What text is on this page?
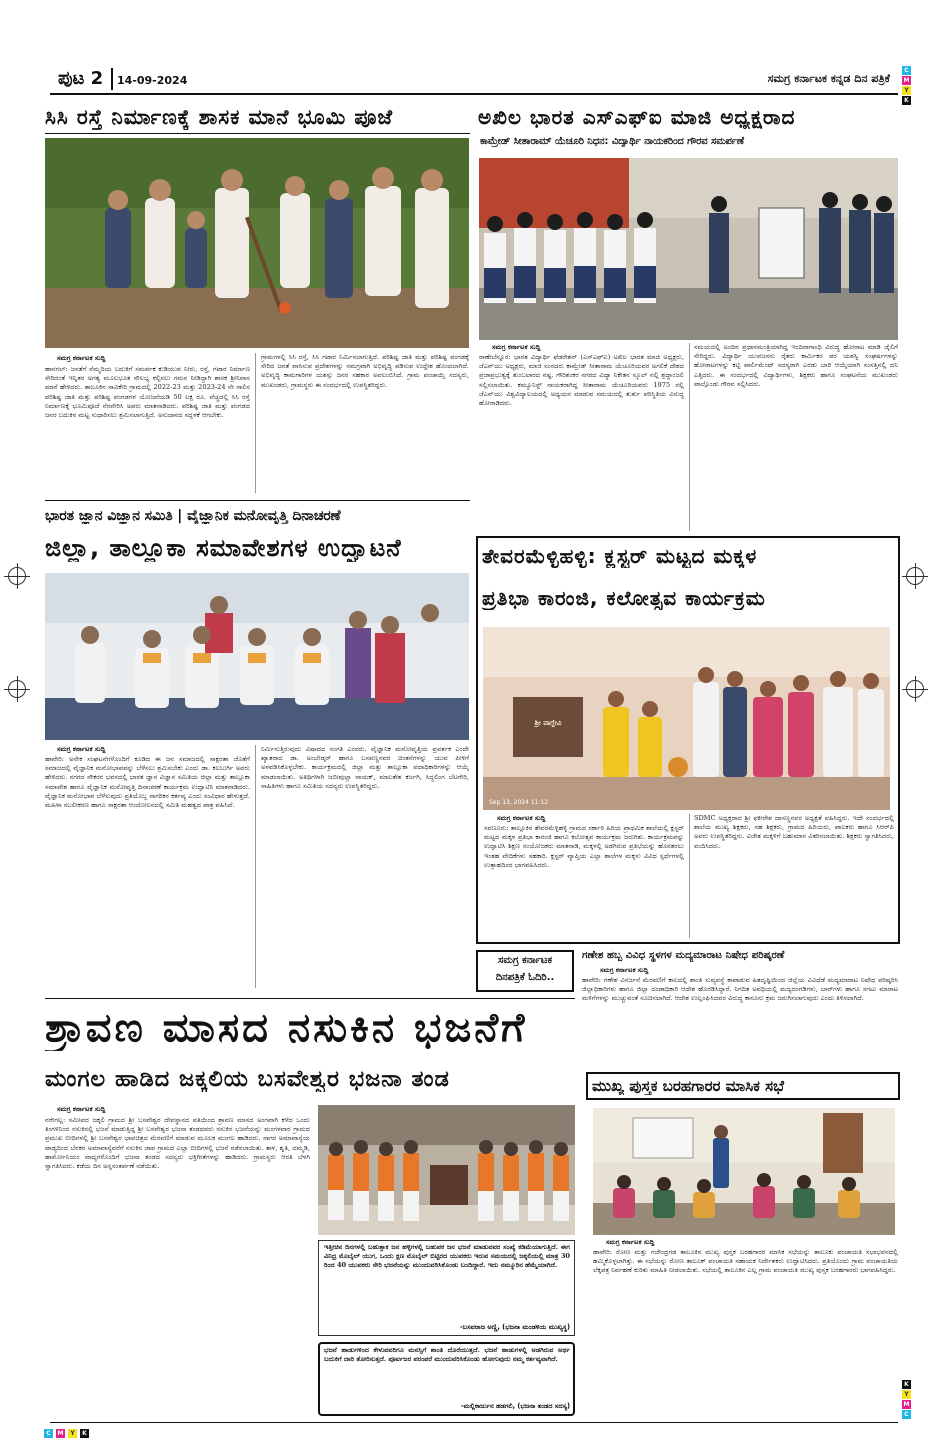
ಪುಟ 2 14-09-2024	ಸಮಗ್ರ ಕರ್ನಾಟಕ ಕನ್ನಡ ದಿನ ಪತ್ರಿಕೆ
C
M
Y
K
K
Y
M
C
C	M	Y	K
ಸಿಸಿ ರಸ್ತೆ ನಿರ್ಮಾಣಕ್ಕೆ ಶಾಸಕ ಮಾನೆ ಭೂಮಿ ಪೂಜೆ
ಸಮಗ್ರ ಕರ್ನಾಟಕ ಸುದ್ದಿ
ಹಾನಗಲ್: ಜನತೆಗೆ ನೆಮ್ಮದಿಯ ಬದುಕಿಗೆ ಸಮರ್ಪಕ ಕುಡಿಯುವ ನೀರು, ರಸ್ತೆ, ಗಟಾರ ನಿರ್ಮಾಣ ಸೇರಿದಂತೆ ಇನ್ನಿತರ ಅಗತ್ಯ ಮೂಲಭೂತ ಸೌಲಭ್ಯ ಕಲ್ಪಿಸಲು ಗಮನ ನೀಡಿದ್ದಾಗಿ ಶಾಸಕ ಶ್ರೀನಿವಾಸ ಮಾನೆ ಹೇಳಿದರು. ತಾಲೂಕಿನ ಸಾವಿಕೇರಿ ಗ್ರಾಮದಲ್ಲಿ 2022-23 ಮತ್ತು 2023-24 ನೇ ಸಾಲಿನ ಪರಿಶಿಷ್ಟ ಜಾತಿ ಮತ್ತು ಪರಿಶಿಷ್ಟ ಪಂಗಡಗಳ ಯೋಜನೆಯಡಿ 50 ಲಕ್ಷ ರೂ. ವೆಚ್ಚದಲ್ಲಿ ಸಿಸಿ ರಸ್ತೆ ನಿರ್ಮಾಣಕ್ಕೆ ಭೂಮಿಪೂಜೆ ನೆರವೇರಿಸಿ ಅವರು ಮಾತನಾಡಿದರು. ಪರಿಶಿಷ್ಟ ಜಾತಿ ಮತ್ತು ಪಂಗಡದ ಜನರ ಬದುಕಿನ ಮಟ್ಟ ಸುಧಾರಿಸಲು ಶ್ರಮಿಸಲಾಗುತ್ತಿದೆ. ಅನುದಾನದ ಸದ್ಬಳಕೆ ಆಗಬೇಕು.
ಗ್ರಾಮಗಳಲ್ಲಿ ಸಿಸಿ ರಸ್ತೆ, ಸಿಸಿ ಗಟಾರ ನಿರ್ಮಿಸಲಾಗುತ್ತಿದೆ. ಪರಿಶಿಷ್ಟ ಜಾತಿ ಮತ್ತು ಪರಿಶಿಷ್ಟ ಪಂಗಡಕ್ಕೆ ಸೇರಿದ ಜನತೆ ವಾಸಿಸುವ ಪ್ರದೇಶಗಳನ್ನು ಸಮಗ್ರವಾಗಿ ಅಭಿವೃದ್ಧಿ ಪಡಿಸುವ ಉದ್ದೇಶ ಹೊಂದಲಾಗಿದೆ. ಅಭಿವೃದ್ಧಿ ಕಾಮಗಾರಿಗಳ ಯಶಸ್ಸು ಜನರ ಸಹಕಾರ ಅವಲಂಬಿಸಿದೆ. ಗ್ರಾಮ ಪಂಚಾಯ್ತಿ ಸದಸ್ಯರು, ಮುಖಂಡರು, ಗ್ರಾಮಸ್ಥರು ಈ ಸಂದರ್ಭದಲ್ಲಿ ಉಪಸ್ಥಿತರಿದ್ದರು.
ಅಖಿಲ ಭಾರತ ಎಸ್‌ಎಫ್‌ಐ ಮಾಜಿ ಅಧ್ಯಕ್ಷರಾದ
ಕಾಮ್ರೇಡ್ ಸೀತಾರಾಮ್ ಯೆಚೂರಿ ನಿಧನ: ವಿದ್ಯಾರ್ಥಿ ನಾಯಕರಿಂದ ಗೌರವ ಸಮರ್ಪಣೆ
ಸಮಗ್ರ ಕರ್ನಾಟಕ ಸುದ್ದಿ
ರಾಣೇಬೆನ್ನೂರ: ಭಾರತ ವಿದ್ಯಾರ್ಥಿ ಫೆಡರೇಶನ್ (ಎಸ್‌ಎಫ್‌ಐ) ಅಖಿಲ ಭಾರತ ಮಾಜಿ ಅಧ್ಯಕ್ಷರು, ಜೆಎನ್‌ಯು ಅಧ್ಯಕ್ಷರು, ಮಾಜಿ ಸಂಸದರು ಕಾಮ್ರೇಡ್ ಸೀತಾರಾಮ ಯೆಚೂರಿಯವರ ಅಗಲಿಕೆ ದೇಶದ ಪ್ರಜಾಪ್ರಭುತ್ವಕ್ಕೆ ತುಂಬಲಾರದ ನಷ್ಟ. ಗೌರಿಶಂಕರ ನಗರದ ವಿದ್ಯಾ ನಿಕೇತನ ಸ್ಕೂಲ್ ನಲ್ಲಿ ಶ್ರದ್ಧಾಂಜಲಿ ಸಲ್ಲಿಸಲಾಯಿತು. ಕಮ್ಯೂನಿಸ್ಟ್ ನಾಯಕರಾಗಿದ್ದ ಸೀತಾರಾಮ ಯೆಚೂರಿಯವರು 1975 ರಲ್ಲಿ ಜೆಎನ್‌ಯು ವಿಶ್ವವಿದ್ಯಾಲಯದಲ್ಲಿ ಅಧ್ಯಯನ ಮಾಡುವ ಸಮಯದಲ್ಲಿ ತುರ್ತು ಪರಿಸ್ಥಿತಿಯ ವಿರುದ್ಧ ಹೋರಾಡಿದರು.
ಸಮಯದಲ್ಲಿ ಅಂದಿನ ಪ್ರಧಾನಮಂತ್ರಿಯಾಗಿದ್ದ ಇಂದಿರಾಗಾಂಧಿ ವಿರುದ್ಧ ಹೋರಾಟ ಮಾಡಿ ಜೈಲಿಗೆ ಸೇರಿದ್ದರು. ವಿದ್ಯಾರ್ಥಿ ಯುವಜನರು ರೈತರು ಕಾರ್ಮಿಕರ ಪರ ಯಶಸ್ವಿ ಸಂಘರ್ಷಗಳನ್ನು ಹೋರಾಟಗಳನ್ನು ಕಟ್ಟಿ ಪಾರ್ಲಿಮೆಂಟ್ ಸದಸ್ಯರಾಗಿ ಎರಡು ಬಾರಿ ಆಯ್ಕೆಯಾಗಿ ಸಂಸತ್ತಿನಲ್ಲಿ ದನಿ ಎತ್ತಿದರು. ಈ ಸಂದರ್ಭದಲ್ಲಿ ವಿದ್ಯಾರ್ಥಿಗಳು, ಶಿಕ್ಷಕರು ಹಾಗೂ ಸಂಘಟನೆಯ ಮುಖಂಡರು ಪಾಲ್ಗೊಂಡು ಗೌರವ ಸಲ್ಲಿಸಿದರು.
ಭಾರತ ಜ್ಞಾನ ವಿಜ್ಞಾನ ಸಮಿತಿ | ವೈಜ್ಞಾನಿಕ ಮನೋವೃತ್ತಿ ದಿನಾಚರಣೆ
ಜಿಲ್ಲಾ, ತಾಲ್ಲೂಕಾ ಸಮಾವೇಶಗಳ ಉದ್ಘಾಟನೆ
ಸಮಗ್ರ ಕರ್ನಾಟಕ ಸುದ್ದಿ
ಹಾವೇರಿ: ಅನೇಕ ಸಂಘಟನೆಗಳೊಂದಿಗೆ ಕೂಡಿದ ಈ ಜನ ಸಮಾಜದಲ್ಲಿ ಸಾಕ್ಷರತಾ ಜೊತೆಗೆ ಸಮಾಜದಲ್ಲಿ ವೈಜ್ಞಾನಿಕ ಮನೋಭಾವವನ್ನು ಬೆಳೆಸಲು ಶ್ರಮಿಸಬೇಕು ಎಂದು ಡಾ. ಕಲಬುರ್ಗಿ ಅವರು ಹೇಳಿದರು. ನಗರದ ನೌಕರರ ಭವನದಲ್ಲಿ ಭಾರತ ಜ್ಞಾನ ವಿಜ್ಞಾನ ಸಮಿತಿಯ ಜಿಲ್ಲಾ ಮತ್ತು ತಾಲ್ಲೂಕಾ ಸಮಾವೇಶ ಹಾಗೂ ವೈಜ್ಞಾನಿಕ ಮನೋವೃತ್ತಿ ದಿನಾಚರಣೆ ಕಾರ್ಯಕ್ರಮ ಉದ್ಘಾಟಿಸಿ ಮಾತನಾಡಿದರು. ವೈಜ್ಞಾನಿಕ ಮನೋಭಾವ ಬೆಳೆಸುವುದು ಪ್ರತಿಯೊಬ್ಬ ನಾಗರಿಕನ ಕರ್ತವ್ಯ ಎಂದು ಸಂವಿಧಾನ ಹೇಳುತ್ತದೆ. ಮಹಿಳಾ ಸಬಲೀಕರಣ ಹಾಗೂ ಸಾಕ್ಷರತಾ ಆಂದೋಲನದಲ್ಲಿ ಸಮಿತಿ ಮಹತ್ವದ ಪಾತ್ರ ವಹಿಸಿದೆ.
ನಿರ್ಮಿಸುತ್ತಿರುವುದು ವಿಷಾದದ ಸಂಗತಿ ಎಂದರು. ವೈಜ್ಞಾನಿಕ ಮನೋವೃತ್ತಿಯ ಪ್ರವರ್ತಕ ಎಂದೇ ಖ್ಯಾತರಾದ ಡಾ. ಅಂಬೇಡ್ಕರ್ ಹಾಗೂ ಬಸವಣ್ಣನವರ ಚಿಂತನೆಗಳನ್ನು ಯುವ ಪೀಳಿಗೆ ಅಳವಡಿಸಿಕೊಳ್ಳಬೇಕು. ಕಾರ್ಯಕ್ರಮದಲ್ಲಿ ಜಿಲ್ಲಾ ಮತ್ತು ತಾಲ್ಲೂಕಾ ಪದಾಧಿಕಾರಿಗಳನ್ನು ಆಯ್ಕೆ ಮಾಡಲಾಯಿತು. ಅತಿಥಿಗಳಾಗಿ ಜಬೀವುಲ್ಲಾ ನಾಯಕ್, ಮಾಲತೇಶ ಕರ್ಜಗಿ, ಸಿದ್ಧಲಿಂಗ ಬೆಟಗೇರಿ, ಸಾಹಿತಿಗಳು ಹಾಗೂ ಸಮಿತಿಯ ಸದಸ್ಯರು ಉಪಸ್ಥಿತರಿದ್ದರು.
ತೇವರಮೆಳ್ಳಿಹಳ್ಳಿ: ಕ್ಲಸ್ಟರ್ ಮಟ್ಟದ ಮಕ್ಕಳ
ಪ್ರತಿಭಾ ಕಾರಂಜಿ, ಕಲೋತ್ಸವ ಕಾರ್ಯಕ್ರಮ
ಶ್ರೀ ವಾಗ್ದೇವಿ
Sep 13, 2024 11:12
ಸಮಗ್ರ ಕರ್ನಾಟಕ ಸುದ್ದಿ
ಸವಣೂರು: ತಾಲ್ಲೂಕಿನ ತೇವರಮೆಳ್ಳಿಹಳ್ಳಿ ಗ್ರಾಮದ ಸರ್ಕಾರಿ ಹಿರಿಯ ಪ್ರಾಥಮಿಕ ಶಾಲೆಯಲ್ಲಿ ಕ್ಲಸ್ಟರ್ ಮಟ್ಟದ ಮಕ್ಕಳ ಪ್ರತಿಭಾ ಕಾರಂಜಿ ಹಾಗೂ ಕಲೋತ್ಸವ ಕಾರ್ಯಕ್ರಮ ಜರುಗಿತು. ಕಾರ್ಯಕ್ರಮವನ್ನು ಉದ್ಘಾಟಿಸಿ ಶಿಕ್ಷಣ ಸಂಯೋಜಕರು ಮಾತನಾಡಿ, ಮಕ್ಕಳಲ್ಲಿ ಅಡಗಿರುವ ಪ್ರತಿಭೆಯನ್ನು ಹೊರತರಲು ಇಂತಹ ವೇದಿಕೆಗಳು ಸಹಕಾರಿ. ಕ್ಲಸ್ಟರ್ ವ್ಯಾಪ್ತಿಯ ಎಲ್ಲಾ ಶಾಲೆಗಳ ಮಕ್ಕಳು ವಿವಿಧ ಸ್ಪರ್ಧೆಗಳಲ್ಲಿ ಉತ್ಸಾಹದಿಂದ ಭಾಗವಹಿಸಿದರು.
SDMC ಅಧ್ಯಕ್ಷರಾದ ಶ್ರೀ ಫಕೀರೇಶ ದಾಸಣ್ಣನವರ ಅಧ್ಯಕ್ಷತೆ ವಹಿಸಿದ್ದರು. ಇದೇ ಸಂದರ್ಭದಲ್ಲಿ ಶಾಲೆಯ ಮುಖ್ಯ ಶಿಕ್ಷಕರು, ಸಹ ಶಿಕ್ಷಕರು, ಗ್ರಾಮದ ಹಿರಿಯರು, ಪಾಲಕರು ಹಾಗೂ ಸಿಆರ್‌ಪಿ ಅವರು ಉಪಸ್ಥಿತರಿದ್ದರು. ವಿಜೇತ ಮಕ್ಕಳಿಗೆ ಬಹುಮಾನ ವಿತರಿಸಲಾಯಿತು. ಶಿಕ್ಷಕರು ಸ್ವಾಗತಿಸಿದರು, ವಂದಿಸಿದರು.
ಸಮಗ್ರ ಕರ್ನಾಟಕ
ದಿನಪತ್ರಿಕೆ ಓದಿರಿ..
ಗಣೇಶ ಹಬ್ಬ ವಿವಿಧ ಸ್ಥಳಗಳ ಮದ್ಯಮಾರಾಟ ನಿಷೇಧ ಪರಿಷ್ಕರಣೆ
ಸಮಗ್ರ ಕರ್ನಾಟಕ ಸುದ್ದಿ
ಹಾವೇರಿ: ಗಣೇಶ ವಿಸರ್ಜನೆ ಮೆರವಣಿಗೆ ಕಾಲದಲ್ಲಿ ಶಾಂತಿ ಸುವ್ಯವಸ್ಥೆ ಕಾಪಾಡುವ ಹಿತದೃಷ್ಟಿಯಿಂದ ಜಿಲ್ಲೆಯ ವಿವಿಧೆಡೆ ಮದ್ಯಮಾರಾಟ ನಿಷೇಧ ಪರಿಷ್ಕರಿಸಿ ಜಿಲ್ಲಾಧಿಕಾರಿಗಳು ಹಾಗೂ ಜಿಲ್ಲಾ ದಂಡಾಧಿಕಾರಿ ಆದೇಶ ಹೊರಡಿಸಿದ್ದಾರೆ. ನಿಗದಿತ ಅವಧಿಯಲ್ಲಿ ಮದ್ಯದಂಗಡಿಗಳು, ಬಾರ್‌ಗಳು ಹಾಗೂ ಸಗಟು ಮಾರಾಟ ಮಳಿಗೆಗಳನ್ನು ಮುಚ್ಚುವಂತೆ ಸೂಚಿಸಲಾಗಿದೆ. ಆದೇಶ ಉಲ್ಲಂಘಿಸಿದವರ ವಿರುದ್ಧ ಕಾನೂನು ಕ್ರಮ ಜರುಗಿಸಲಾಗುವುದು ಎಂದು ತಿಳಿಸಲಾಗಿದೆ.
ಶ್ರಾವಣ ಮಾಸದ ನಸುಕಿನ ಭಜನೆಗೆ
ಮಂಗಲ ಹಾಡಿದ ಜಕ್ಕಲಿಯ ಬಸವೇಶ್ವರ ಭಜನಾ ತಂಡ
ಸಮಗ್ರ ಕರ್ನಾಟಕ ಸುದ್ದಿ
ನರೇಗಲ್ಲ: ಸಮೀಪದ ಜಕ್ಕಲಿ ಗ್ರಾಮದ ಶ್ರೀ ಬಸವೇಶ್ವರ ದೇವಸ್ಥಾನದ ವತಿಯಿಂದ ಶ್ರಾವಣ ಮಾಸದ ಅಂಗವಾಗಿ ಕಳೆದ ಒಂದು ತಿಂಗಳಿನಿಂದ ನಸುಕಿನಲ್ಲಿ ಭಜನೆ ಮಾಡುತ್ತಿದ್ದ ಶ್ರೀ ಬಸವೇಶ್ವರ ಭಜನಾ ತಂಡದವರು ನಸುಕಿನ ಭಜನೆಯನ್ನು ಮಂಗಳವಾರ ಗ್ರಾಮದ ಪ್ರಮುಖ ಬೀದಿಗಳಲ್ಲಿ ಶ್ರೀ ಬಸವೇಶ್ವರ ಭಾವಚಿತ್ರದ ಮೆರವಣಿಗೆ ಮಾಡುವ ಮೂಲಕ ಮಂಗಲ ಹಾಡಿದರು. ನಾಗರ ಅಮಾವಾಸ್ಯೆಯ ಪಾಡ್ಯದಿಂದ ಬೆನಕನ ಅಮಾವಾಸ್ಯೆವರೆಗೆ ನಸುಕಿನ ಜಾವ ಗ್ರಾಮದ ಎಲ್ಲಾ ಬೀದಿಗಳಲ್ಲಿ ಭಜನೆ ನಡೆಸಲಾಯಿತು. ತಾಳ, ಶೃತಿ, ದಮ್ಮಡಿ, ಹಾರ್ಮೋನಿಯಂ ವಾದ್ಯಗಳೊಂದಿಗೆ ಭಜನಾ ತಂಡದ ಸದಸ್ಯರು ಭಕ್ತಿಗೀತೆಗಳನ್ನು ಹಾಡಿದರು. ಗ್ರಾಮಸ್ಥರು ಆರತಿ ಬೆಳಗಿ ಸ್ವಾಗತಿಸಿದರು. ಕಡೆಯ ದಿನ ಅನ್ನಸಂತರ್ಪಣೆ ನಡೆಯಿತು.
ಇತ್ತೀಚಿನ ದಿನಗಳಲ್ಲಿ ಬಹುತ್ತಾಕ ಜನ ಹಳ್ಳಿಗಳಲ್ಲಿ ಬಹುಪಕ ಜನ ಭಜನೆ ಮಾಡುವವರ ಸಂಖ್ಯೆ ಕಡಿಮೆಯಾಗುತ್ತಿದೆ. ಈಗ ವಿನಿಧ್ರ ಮೊಬೈಲ್ ಯುಗ, ಒಂದು ಕ್ಷಣ ಮೊಬೈಲ್ ಬಿಟ್ಟಿರದ ಯುವಕರು ಇರುವ ಸಮಯದಲ್ಲಿ ಜಕ್ಕಲಿಯಲ್ಲಿ ಮಾತ್ರ 30 ರಿಂದ 40 ಯುವಕರು ಸೇರಿ ಭಜನೆಯನ್ನು ಮುಂದುವರಿಸಿಕೊಂಡು ಬಂದಿದ್ದಾರೆ. ಇದು ನಮ್ಮೂರಿನ ಹೆಮ್ಮೆಯಾಗಿದೆ.
-ಬಸವರಾಜ ಅಣ್ಣಿ, (ಭಜನಾ ಮಂಡಳಿಯ ಮುಖ್ಯಸ್ಥ)
ಭಜನೆ ಹಾಡುಗಳಿಂದ ಕೇಳುವವರಿಗೂ ಮನಸ್ಸಿಗೆ ಶಾಂತಿ ದೊರೆಯುತ್ತದೆ. ಭಜನೆ ಹಾಡುಗಳಲ್ಲಿ ಅಡಗಿರುವ ಅರ್ಥ ಬದುಕಿಗೆ ದಾರಿ ತೋರಿಸುತ್ತದೆ. ಪೂರ್ವಜರ ಪರಂಪರೆ ಮುಂದುವರಿಸಿಕೊಂಡು ಹೋಗುವುದು ನಮ್ಮ ಕರ್ತವ್ಯವಾಗಿದೆ.
-ಮಲ್ಲಿಕಾರ್ಜುನ ಹಡಗಲಿ, (ಭಜನಾ ತಂಡದ ಸದಸ್ಯ)
ಮುಖ್ಯ ಪುಸ್ತಕ ಬರಹಗಾರರ ಮಾಸಿಕ ಸಭೆ
ಸಮಗ್ರ ಕರ್ನಾಟಕ ಸುದ್ದಿ
ಹಾವೇರಿ: ರೋಣ ಮತ್ತು ಗಜೇಂದ್ರಗಡ ತಾಲೂಕಿನ ಮುಖ್ಯ ಪುಸ್ತಕ ಬರಹಗಾರರ ಮಾಸಿಕ ಸಭೆಯನ್ನು ತಾಲೂಕು ಪಂಚಾಯತಿ ಸಭಾಭವನದಲ್ಲಿ ಹಮ್ಮಿಕೊಳ್ಳಲಾಗಿತ್ತು. ಈ ಸಭೆಯನ್ನು ರೋಣ ತಾಲೂಕ್ ಪಂಚಾಯತಿ ಸಹಾಯಕ ನಿರ್ದೇಶಕರು ಉದ್ಘಾಟಿಸಿದರು. ಪ್ರತಿಯೊಂದು ಗ್ರಾಮ ಪಂಚಾಯತಿಯ ಲೆಕ್ಕಪತ್ರ ನಿರ್ವಹಣೆ ಕುರಿತು ಮಾಹಿತಿ ನೀಡಲಾಯಿತು. ಸಭೆಯಲ್ಲಿ ತಾಲೂಕಿನ ಎಲ್ಲ ಗ್ರಾಮ ಪಂಚಾಯತಿ ಮುಖ್ಯ ಪುಸ್ತಕ ಬರಹಗಾರರು ಭಾಗವಹಿಸಿದ್ದರು.
